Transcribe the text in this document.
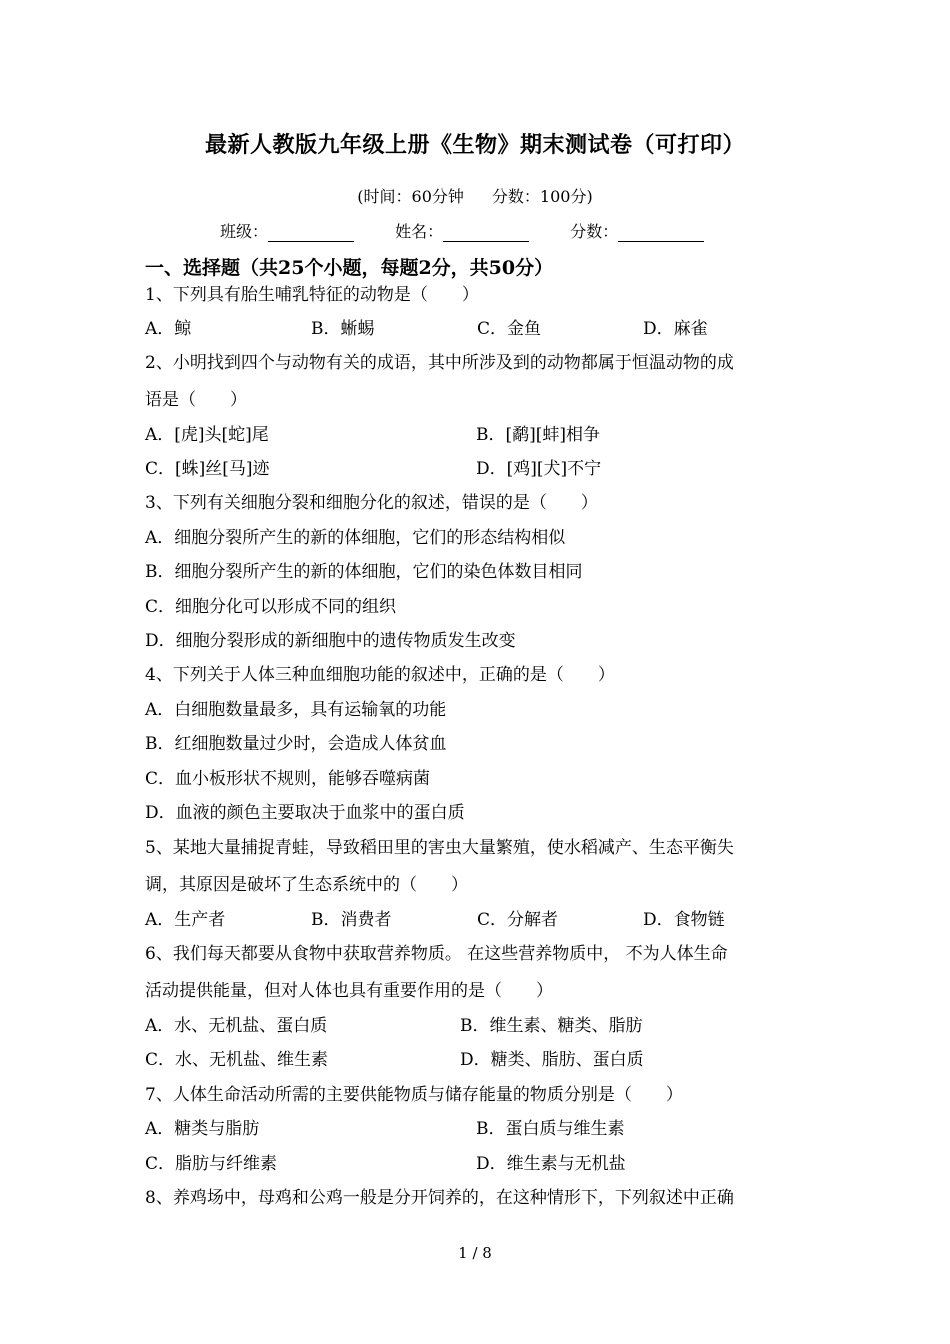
最新人教版九年级上册《生物》期末测试卷（可打印）
(时间：60分钟 分数：100分)
班级：	姓名：	分数：
一、选择题（共25个小题，每题2分，共50分）
1、下列具有胎生哺乳特征的动物是（　　）
A．鲸	B．蜥蜴	C．金鱼	D．麻雀
2、小明找到四个与动物有关的成语，其中所涉及到的动物都属于恒温动物的成
语是（　　）
A．[虎]头[蛇]尾	B．[鹬][蚌]相争
C．[蛛]丝[马]迹	D．[鸡][犬]不宁
3、下列有关细胞分裂和细胞分化的叙述，错误的是（　　）
A．细胞分裂所产生的新的体细胞，它们的形态结构相似
B．细胞分裂所产生的新的体细胞，它们的染色体数目相同
C．细胞分化可以形成不同的组织
D．细胞分裂形成的新细胞中的遗传物质发生改变
4、下列关于人体三种血细胞功能的叙述中，正确的是（　　）
A．白细胞数量最多，具有运输氧的功能
B．红细胞数量过少时，会造成人体贫血
C．血小板形状不规则，能够吞噬病菌
D．血液的颜色主要取决于血浆中的蛋白质
5、某地大量捕捉青蛙，导致稻田里的害虫大量繁殖，使水稻减产、生态平衡失
调，其原因是破坏了生态系统中的（　　）
A．生产者	B．消费者	C．分解者	D．食物链
6、我们每天都要从食物中获取营养物质。 在这些营养物质中， 不为人体生命
活动提供能量，但对人体也具有重要作用的是（　　）
A．水、无机盐、蛋白质	B．维生素、糖类、脂肪
C．水、无机盐、维生素	D．糖类、脂肪、蛋白质
7、人体生命活动所需的主要供能物质与储存能量的物质分别是（　　）
A．糖类与脂肪	B．蛋白质与维生素
C．脂肪与纤维素	D．维生素与无机盐
8、养鸡场中，母鸡和公鸡一般是分开饲养的，在这种情形下，下列叙述中正确
1 / 8
